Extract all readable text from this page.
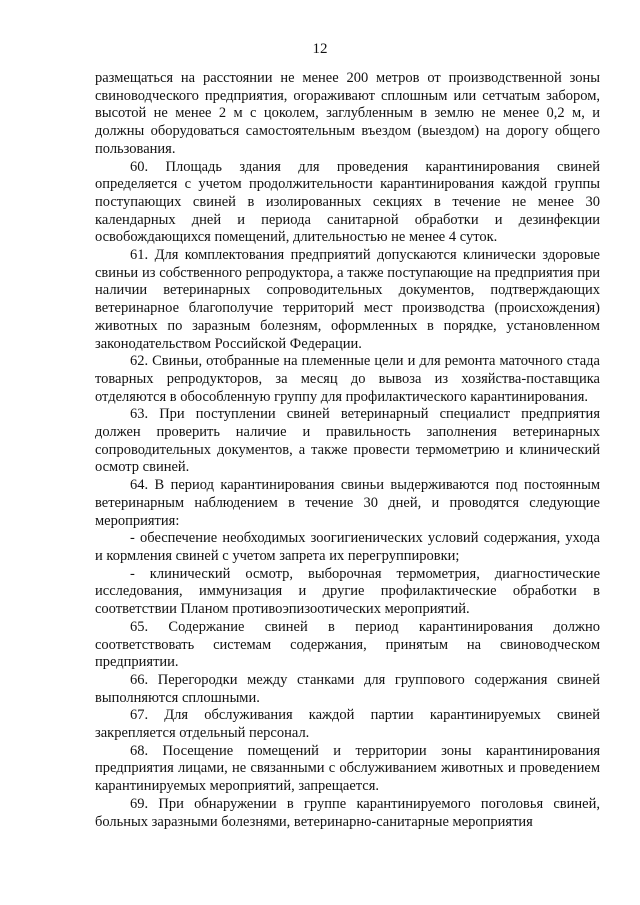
12

размещаться на расстоянии не менее 200 метров от производственной зоны свиноводческого предприятия, огораживают сплошным или сетчатым забором, высотой не менее 2 м с цоколем, заглубленным в землю не менее 0,2 м, и должны оборудоваться самостоятельным въездом (выездом) на дорогу общего пользования.

60. Площадь здания для проведения карантинирования свиней определяется с учетом продолжительности карантинирования каждой группы поступающих свиней в изолированных секциях в течение не менее 30 календарных дней и периода санитарной обработки и дезинфекции освобождающихся помещений, длительностью не менее 4 суток.

61. Для комплектования предприятий допускаются клинически здоровые свиньи из собственного репродуктора, а также поступающие на предприятия при наличии ветеринарных сопроводительных документов, подтверждающих ветеринарное благополучие территорий мест производства (происхождения) животных по заразным болезням, оформленных в порядке, установленном законодательством Российской Федерации.

62. Свиньи, отобранные на племенные цели и для ремонта маточного стада товарных репродукторов, за месяц до вывоза из хозяйства-поставщика отделяются в обособленную группу для профилактического карантинирования.

63. При поступлении свиней ветеринарный специалист предприятия должен проверить наличие и правильность заполнения ветеринарных сопроводительных документов, а также провести термометрию и клинический осмотр свиней.

64. В период карантинирования свиньи выдерживаются под постоянным ветеринарным наблюдением в течение 30 дней, и проводятся следующие мероприятия:

- обеспечение необходимых зоогигиенических условий содержания, ухода и кормления свиней с учетом запрета их перегруппировки;

- клинический осмотр, выборочная термометрия, диагностические исследования, иммунизация и другие профилактические обработки в соответствии Планом противоэпизоотических мероприятий.

65. Содержание свиней в период карантинирования должно соответствовать системам содержания, принятым на свиноводческом предприятии.

66. Перегородки между станками для группового содержания свиней выполняются сплошными.

67. Для обслуживания каждой партии карантинируемых свиней закрепляется отдельный персонал.

68. Посещение помещений и территории зоны карантинирования предприятия лицами, не связанными с обслуживанием животных и проведением карантинируемых мероприятий, запрещается.

69. При обнаружении в группе карантинируемого поголовья свиней, больных заразными болезнями, ветеринарно-санитарные мероприятия
